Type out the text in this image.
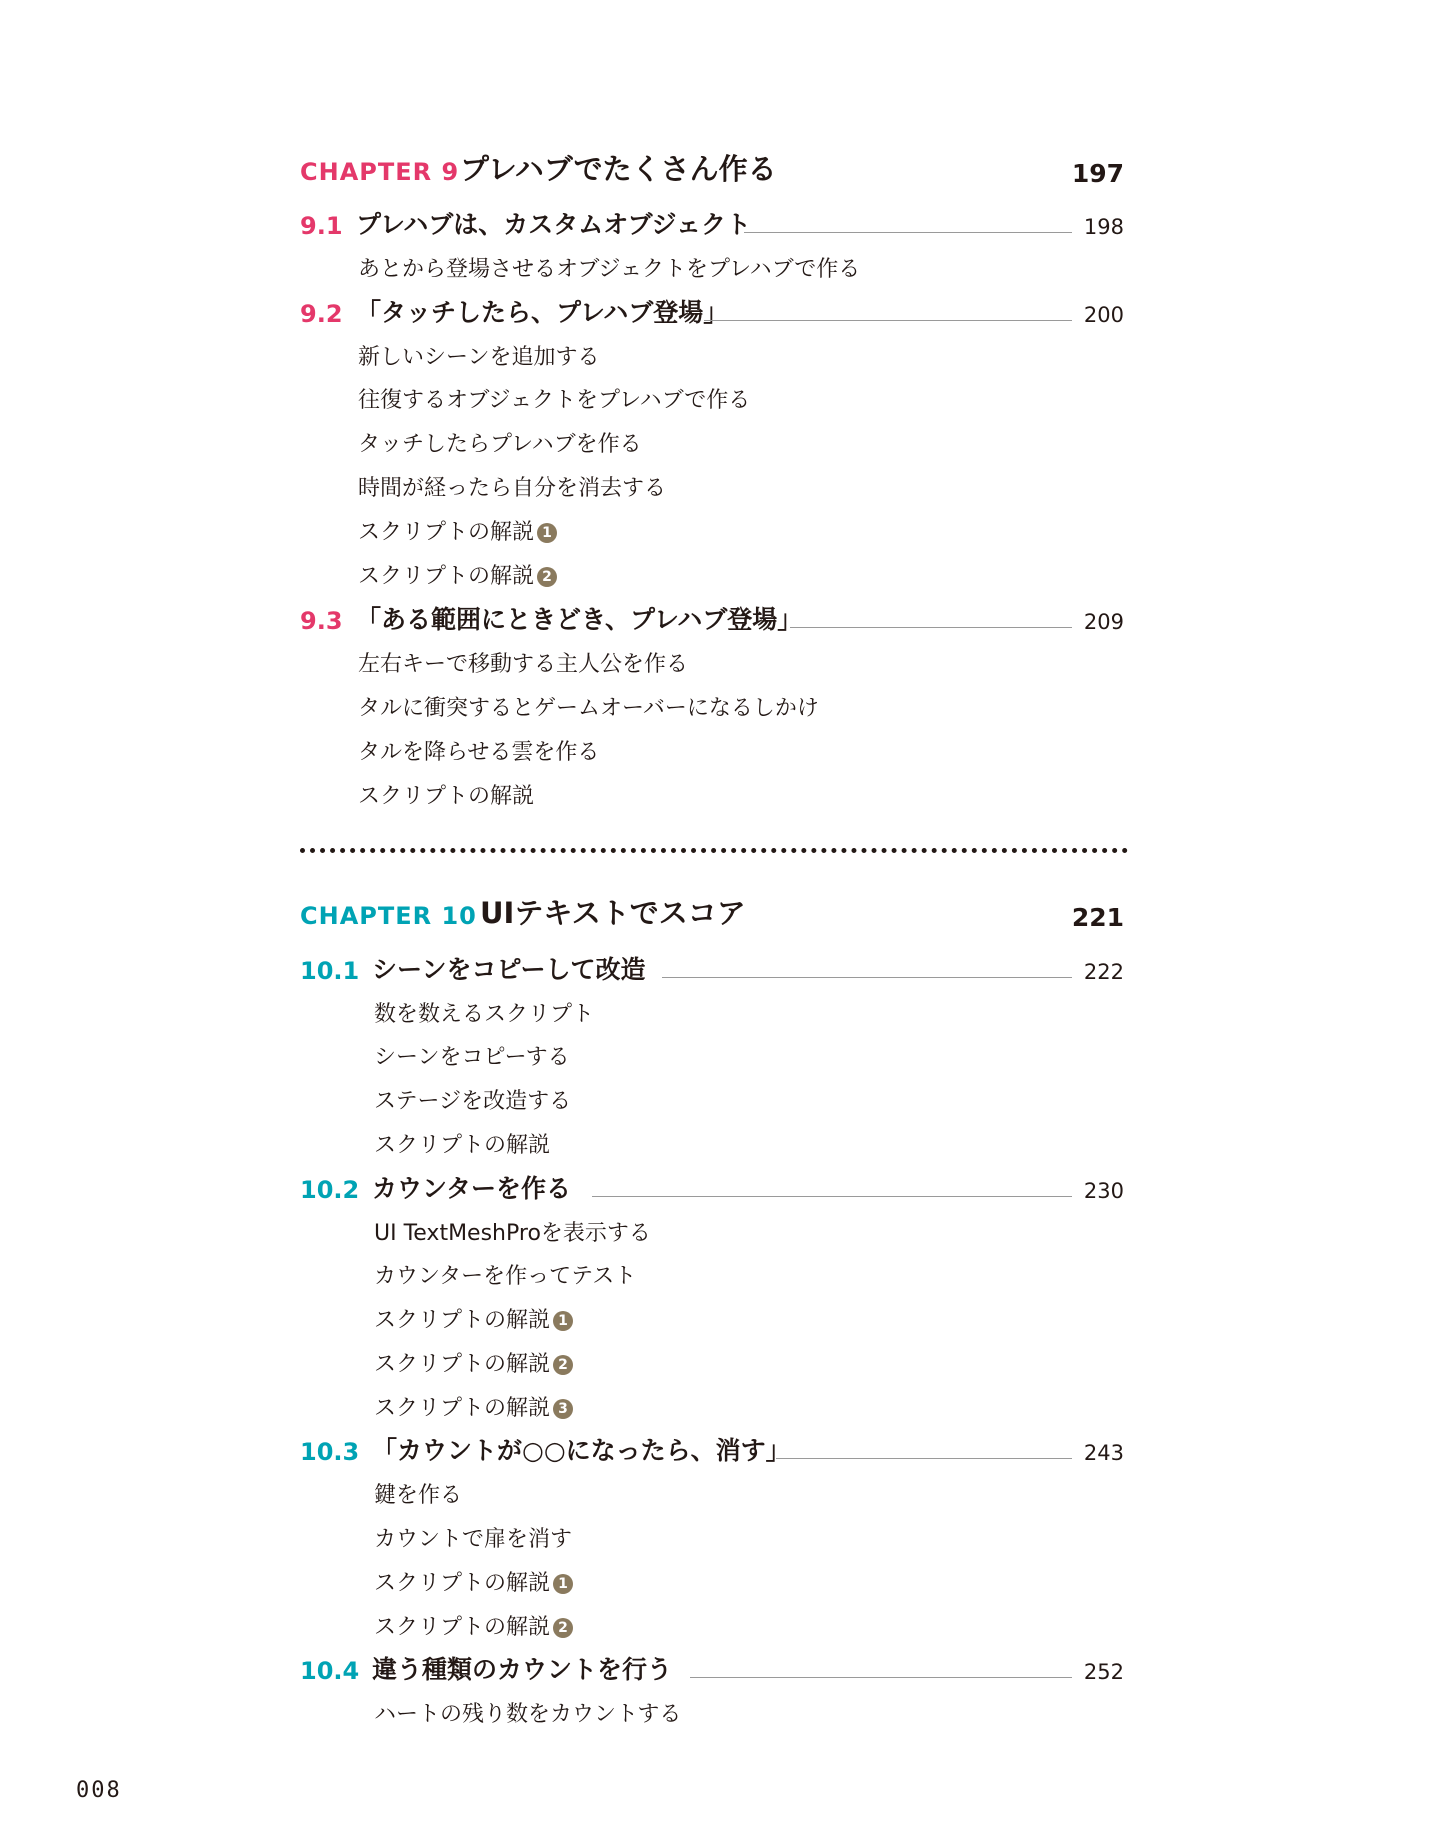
CHAPTER 9 プレハブでたくさん作る	197
9.1 プレハブは、カスタムオブジェクト	198
あとから登場させるオブジェクトをプレハブで作る
9.2 「タッチしたら、プレハブ登場」	200
新しいシーンを追加する
往復するオブジェクトをプレハブで作る
タッチしたらプレハブを作る
時間が経ったら自分を消去する
スクリプトの解説 1
スクリプトの解説 2
9.3 「ある範囲にときどき、プレハブ登場」	209
左右キーで移動する主人公を作る
タルに衝突するとゲームオーバーになるしかけ
タルを降らせる雲を作る
スクリプトの解説
CHAPTER 10 UIテキストでスコア	221
10.1 シーンをコピーして改造	222
数を数えるスクリプト
シーンをコピーする
ステージを改造する
スクリプトの解説
10.2 カウンターを作る	230
UI TextMeshProを表示する
カウンターを作ってテスト
スクリプトの解説 1
スクリプトの解説 2
スクリプトの解説 3
10.3 「カウントが○○になったら、消す」	243
鍵を作る
カウントで扉を消す
スクリプトの解説 1
スクリプトの解説 2
10.4 違う種類のカウントを行う	252
ハートの残り数をカウントする
008
